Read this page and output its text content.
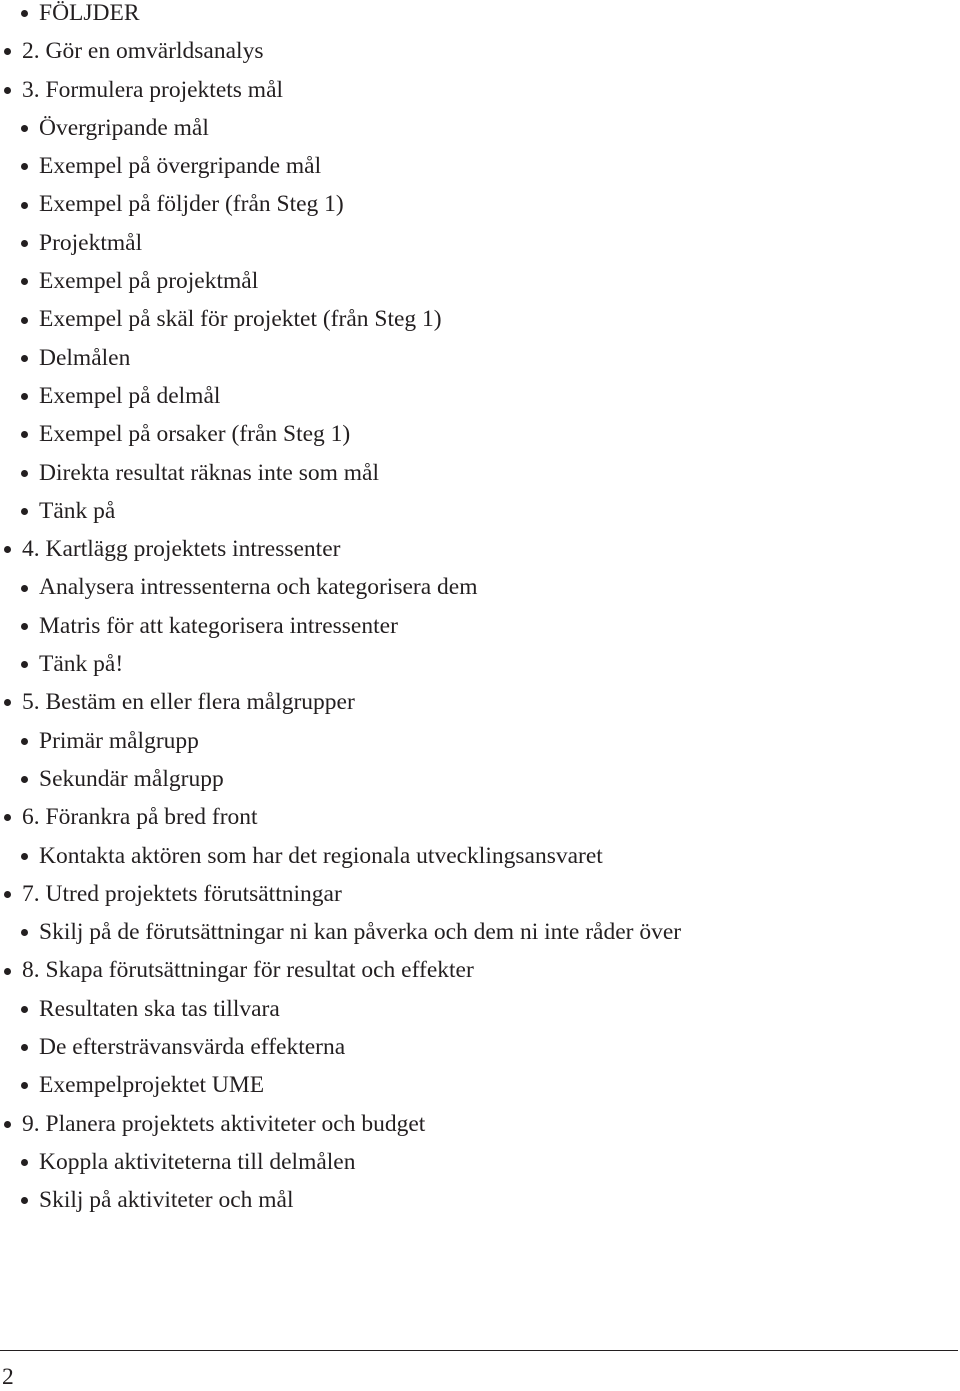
FÖLJDER
2. Gör en omvärldsanalys
3. Formulera projektets mål
Övergripande mål
Exempel på övergripande mål
Exempel på följder (från Steg 1)
Projektmål
Exempel på projektmål
Exempel på skäl för projektet (från Steg 1)
Delmålen
Exempel på delmål
Exempel på orsaker (från Steg 1)
Direkta resultat räknas inte som mål
Tänk på
4. Kartlägg projektets intressenter
Analysera intressenterna och kategorisera dem
Matris för att kategorisera intressenter
Tänk på!
5. Bestäm en eller flera målgrupper
Primär målgrupp
Sekundär målgrupp
6. Förankra på bred front
Kontakta aktören som har det regionala utvecklingsansvaret
7. Utred projektets förutsättningar
Skilj på de förutsättningar ni kan påverka och dem ni inte råder över
8. Skapa förutsättningar för resultat och effekter
Resultaten ska tas tillvara
De eftersträvansvärda effekterna
Exempelprojektet UME
9. Planera projektets aktiviteter och budget
Koppla aktiviteterna till delmålen
Skilj på aktiviteter och mål
2
